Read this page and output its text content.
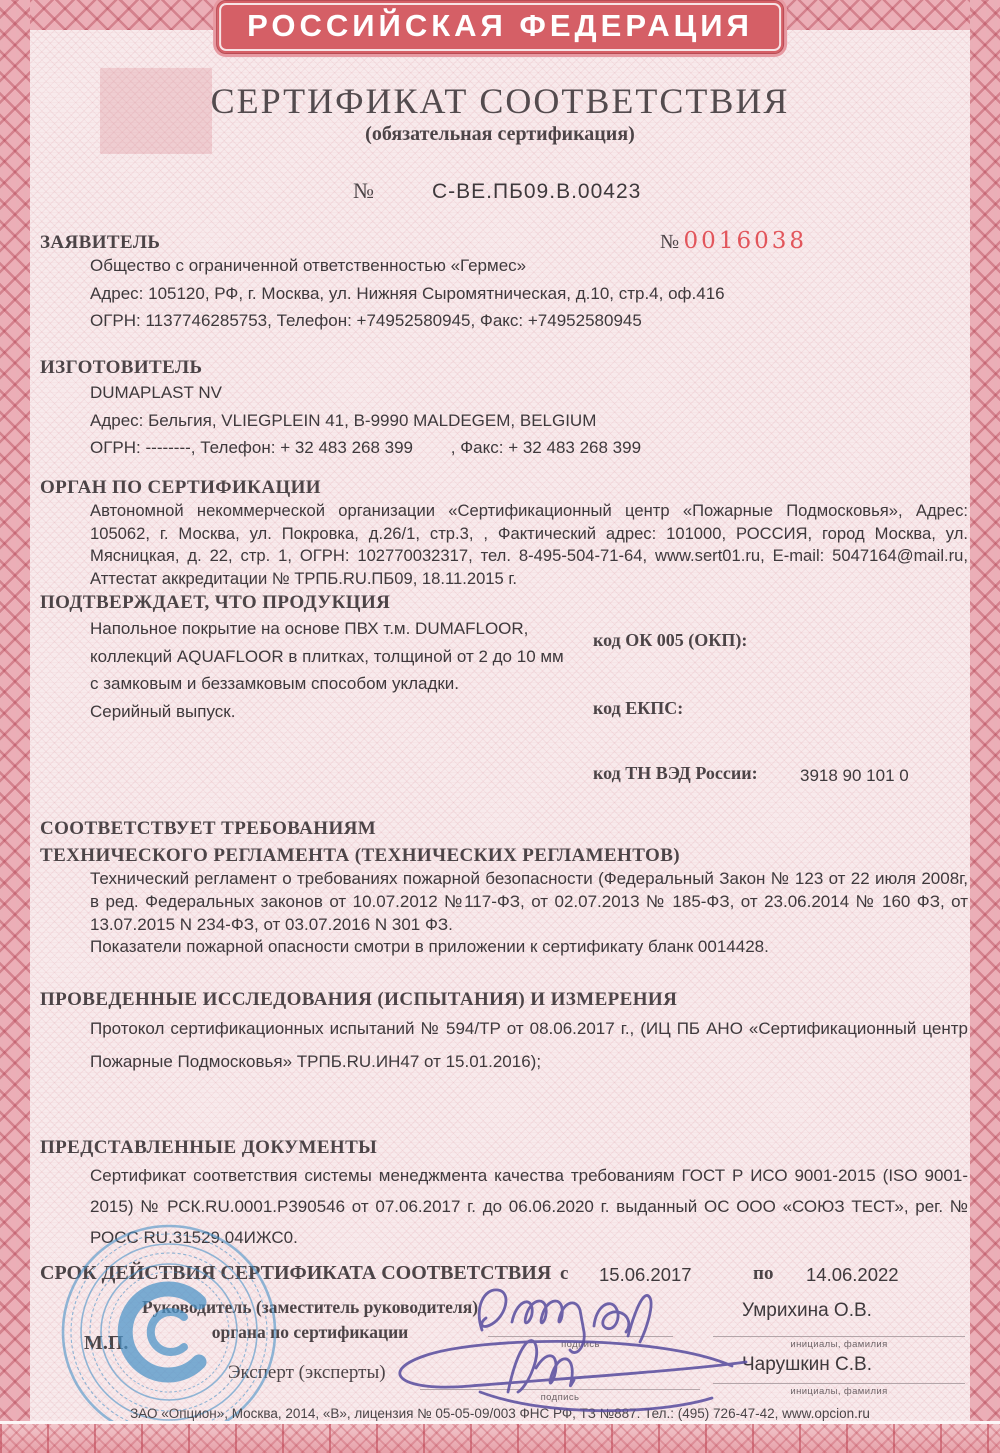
РОССИЙСКАЯ ФЕДЕРАЦИЯ
СЕРТИФИКАТ СООТВЕТСТВИЯ
(обязательная сертификация)
№	С-ВЕ.ПБ09.В.00423
ЗАЯВИТЕЛЬ	№ 0016038
Общество с ограниченной ответственностью «Гермес»
Адрес: 105120, РФ, г. Москва, ул. Нижняя Сыромятническая, д.10, стр.4, оф.416
ОГРН: 1137746285753, Телефон: +74952580945, Факс: +74952580945
ИЗГОТОВИТЕЛЬ
DUMAPLAST NV
Адрес: Бельгия, VLIEGPLEIN 41, B-9990 MALDEGEM, BELGIUM
ОГРН: --------, Телефон: + 32 483 268 399        , Факс: + 32 483 268 399
ОРГАН ПО СЕРТИФИКАЦИИ
Автономной некоммерческой организации «Сертификационный центр «Пожарные Подмосковья», Адрес: 105062, г. Москва, ул. Покровка, д.26/1, стр.3, , Фактический адрес: 101000, РОССИЯ, город Москва, ул. Мясницкая, д. 22, стр. 1, ОГРН: 102770032317, тел. 8-495-504-71-64, www.sert01.ru, E-mail: 5047164@mail.ru, Аттестат аккредитации № ТРПБ.RU.ПБ09, 18.11.2015 г.
ПОДТВЕРЖДАЕТ, ЧТО ПРОДУКЦИЯ
Напольное покрытие на основе ПВХ т.м. DUMAFLOOR,
коллекций AQUAFLOOR в плитках, толщиной от 2 до 10 мм
с замковым и беззамковым способом укладки.
Серийный выпуск.
код ОК 005 (ОКП):
код ЕКПС:
код ТН ВЭД России: 3918 90 101 0
СООТВЕТСТВУЕТ ТРЕБОВАНИЯМ
ТЕХНИЧЕСКОГО РЕГЛАМЕНТА (ТЕХНИЧЕСКИХ РЕГЛАМЕНТОВ)
Технический регламент о требованиях пожарной безопасности (Федеральный Закон № 123 от 22 июля 2008г, в ред. Федеральных законов от 10.07.2012 №117-ФЗ, от 02.07.2013 № 185-ФЗ, от 23.06.2014 № 160 ФЗ, от 13.07.2015 N 234-ФЗ, от 03.07.2016 N 301 ФЗ.
Показатели пожарной опасности смотри в приложении к сертификату бланк 0014428.
ПРОВЕДЕННЫЕ ИССЛЕДОВАНИЯ (ИСПЫТАНИЯ) И ИЗМЕРЕНИЯ
Протокол сертификационных испытаний № 594/ТР от 08.06.2017 г., (ИЦ ПБ АНО «Сертификационный центр Пожарные Подмосковья» ТРПБ.RU.ИН47 от 15.01.2016);
ПРЕДСТАВЛЕННЫЕ ДОКУМЕНТЫ
Сертификат соответствия системы менеджмента качества требованиям ГОСТ Р ИСО 9001-2015 (ISO 9001-2015) № РСК.RU.0001.Р390546 от 07.06.2017 г. до 06.06.2020 г. выданный ОС ООО «СОЮЗ ТЕСТ», рег. № РОСС RU.31529.04ИЖС0.
СРОК ДЕЙСТВИЯ СЕРТИФИКАТА СООТВЕТСТВИЯ с 15.06.2017	по 14.06.2022
Руководитель (заместитель руководителя)
органа по сертификации
М.П.	подпись
Умрихина О.В.
инициалы, фамилия
Эксперт (эксперты)
подпись
Чарушкин С.В.
инициалы, фамилия
ЗАО «Опцион», Москва, 2014, «В», лицензия № 05-05-09/003 ФНС РФ, ТЗ №887. Тел.: (495) 726-47-42, www.opcion.ru
